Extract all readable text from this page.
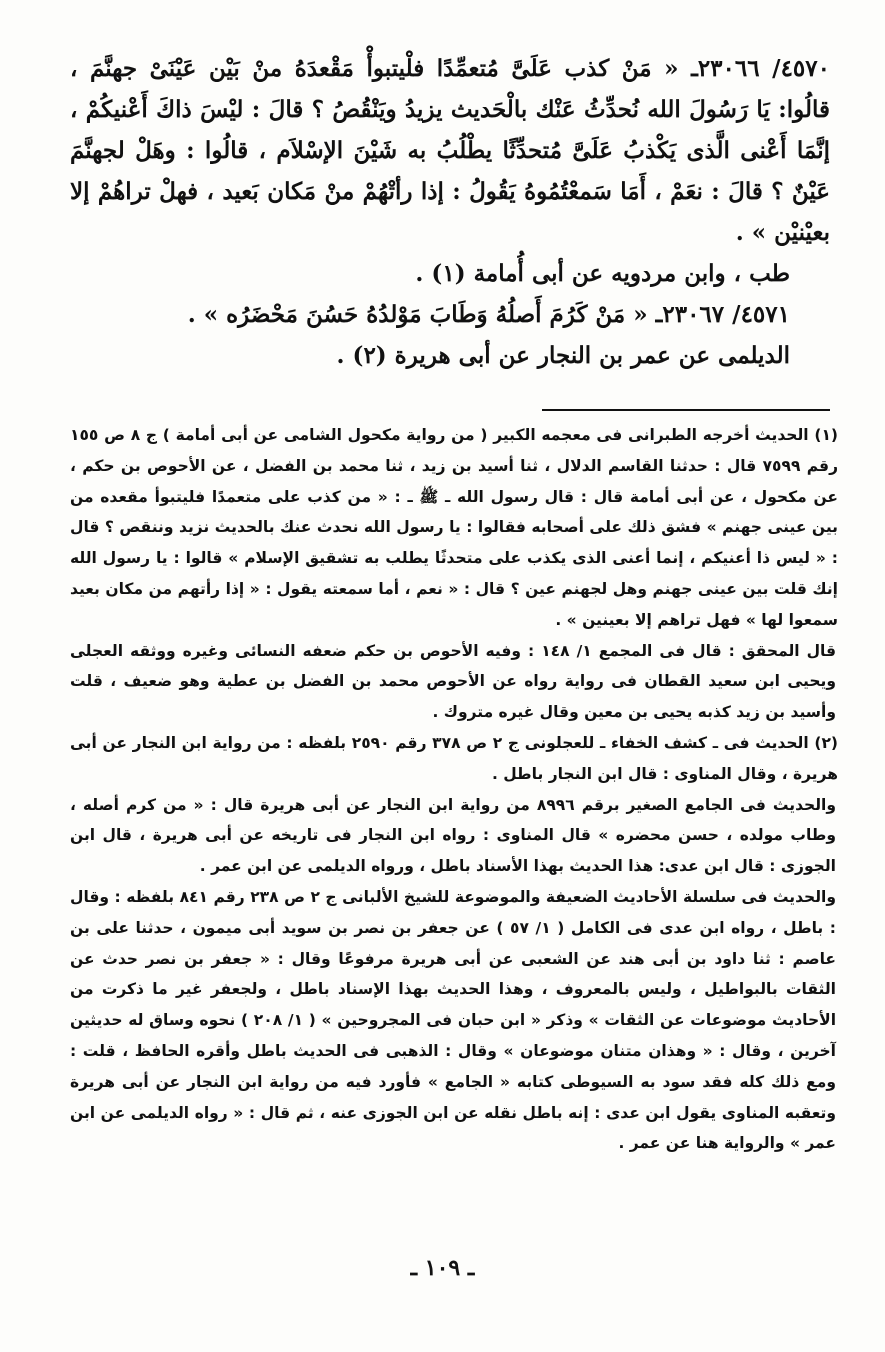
٤٥٧٠/ ٢٣٠٦٦ـ « مَنْ كذب عَلَىَّ مُتعمِّدًا فلْيتبوأْ مَقْعدَهُ منْ بَيْن عَيْنَىْ جهنَّمَ ، قالُوا: يَا رَسُولَ الله نُحدِّثُ عَنْك بالْحَديث يزيدُ ويَنْقُصُ ؟ قالَ : ليْسَ ذاكَ أَعْنيكُمْ ، إنَّمَا أَعْنى الَّذى يَكْذبُ عَلَىَّ مُتحدِّثًا يطْلُبُ به شَيْنَ الإسْلاَم ، قالُوا : وهَلْ لجهنَّمَ عَيْنٌ ؟ قالَ : نعَمْ ، أَمَا سَمعْتُمُوهُ يَقُولُ : إذا رأتْهُمْ منْ مَكان بَعيد ، فهلْ تراهُمْ إلا بعيْنيْن » .

طب ، وابن مردويه عن أبى أُمامة (١) .

٤٥٧١/ ٢٣٠٦٧ـ « مَنْ كَرُمَ أَصلُهُ وَطَابَ مَوْلدُهُ حَسُنَ مَحْضَرُه » .

الديلمى عن عمر بن النجار عن أبى هريرة (٢) .

(١) الحديث أخرجه الطبرانى فى معجمه الكبير ( من رواية مكحول الشامى عن أبى أمامة ) ج ٨ ص ١٥٥ رقم ٧٥٩٩ قال : حدثنا القاسم الدلال ، ثنا أسيد بن زيد ، ثنا محمد بن الفضل ، عن الأحوص بن حكم ، عن مكحول ، عن أبى أمامة قال : قال رسول الله ـ ﷺ ـ : « من كذب على متعمدًا فليتبوأ مقعده من بين عينى جهنم » فشق ذلك على أصحابه فقالوا : يا رسول الله نحدث عنك بالحديث نزيد وننقص ؟ قال : « ليس ذا أعنيكم ، إنما أعنى الذى يكذب على متحدثًا يطلب به تشقيق الإسلام » قالوا : يا رسول الله إنك قلت بين عينى جهنم وهل لجهنم عين ؟ قال : « نعم ، أما سمعته يقول : « إذا رأتهم من مكان بعيد سمعوا لها » فهل تراهم إلا بعينين » .

قال المحقق : قال فى المجمع ١/ ١٤٨ : وفيه الأحوص بن حكم ضعفه النسائى وغيره ووثقه العجلى ويحيى ابن سعيد القطان فى رواية رواه عن الأحوص محمد بن الفضل بن عطية وهو ضعيف ، قلت وأسيد بن زيد كذبه يحيى بن معين وقال غيره متروك .

(٢) الحديث فى ـ كشف الخفاء ـ للعجلونى ج ٢ ص ٣٧٨ رقم ٢٥٩٠ بلفظه : من رواية ابن النجار عن أبى هريرة ، وقال المناوى : قال ابن النجار باطل .

والحديث فى الجامع الصغير برقم ٨٩٩٦ من رواية ابن النجار عن أبى هريرة قال : « من كرم أصله ، وطاب مولده ، حسن محضره » قال المناوى : رواه ابن النجار فى تاريخه عن أبى هريرة ، قال ابن الجوزى : قال ابن عدى: هذا الحديث بهذا الأسناد باطل ، ورواه الديلمى عن ابن عمر .

والحديث فى سلسلة الأحاديث الضعيفة والموضوعة للشيخ الألبانى ج ٢ ص ٢٣٨ رقم ٨٤١ بلفظه : وقال : باطل ، رواه ابن عدى فى الكامل ( ١/ ٥٧ ) عن جعفر بن نصر بن سويد أبى ميمون ، حدثنا على بن عاصم : ثنا داود بن أبى هند عن الشعبى عن أبى هريرة مرفوعًا وقال : « جعفر بن نصر حدث عن الثقات بالبواطيل ، وليس بالمعروف ، وهذا الحديث بهذا الإسناد باطل ، ولجعفر غير ما ذكرت من الأحاديث موضوعات عن الثقات » وذكر « ابن حبان فى المجروحين » ( ١/ ٢٠٨ ) نحوه وساق له حديثين آخرين ، وقال : « وهذان متنان موضوعان » وقال : الذهبى فى الحديث باطل وأقره الحافظ ، قلت : ومع ذلك كله فقد سود به السيوطى كتابه « الجامع » فأورد فيه من رواية ابن النجار عن أبى هريرة وتعقبه المناوى يقول ابن عدى : إنه باطل نقله عن ابن الجوزى عنه ، ثم قال : « رواه الديلمى عن ابن عمر » والرواية هنا عن عمر .

ـ ١٠٩ ـ
